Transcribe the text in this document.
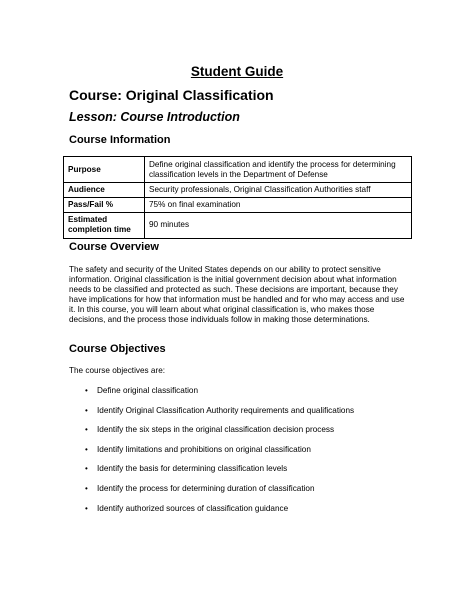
Student Guide
Course: Original Classification
Lesson: Course Introduction
Course Information
Purpose	Define original classification and identify the process for determining classification levels in the Department of Defense
Audience	Security professionals, Original Classification Authorities staff
Pass/Fail %	75% on final examination
Estimated completion time	90 minutes
Course Overview
The safety and security of the United States depends on our ability to protect sensitive information. Original classification is the initial government decision about what information needs to be classified and protected as such. These decisions are important, because they have implications for how that information must be handled and for who may access and use it. In this course, you will learn about what original classification is, who makes those decisions, and the process those individuals follow in making those determinations.
Course Objectives
The course objectives are:
• Define original classification
• Identify Original Classification Authority requirements and qualifications
• Identify the six steps in the original classification decision process
• Identify limitations and prohibitions on original classification
• Identify the basis for determining classification levels
• Identify the process for determining duration of classification
• Identify authorized sources of classification guidance
